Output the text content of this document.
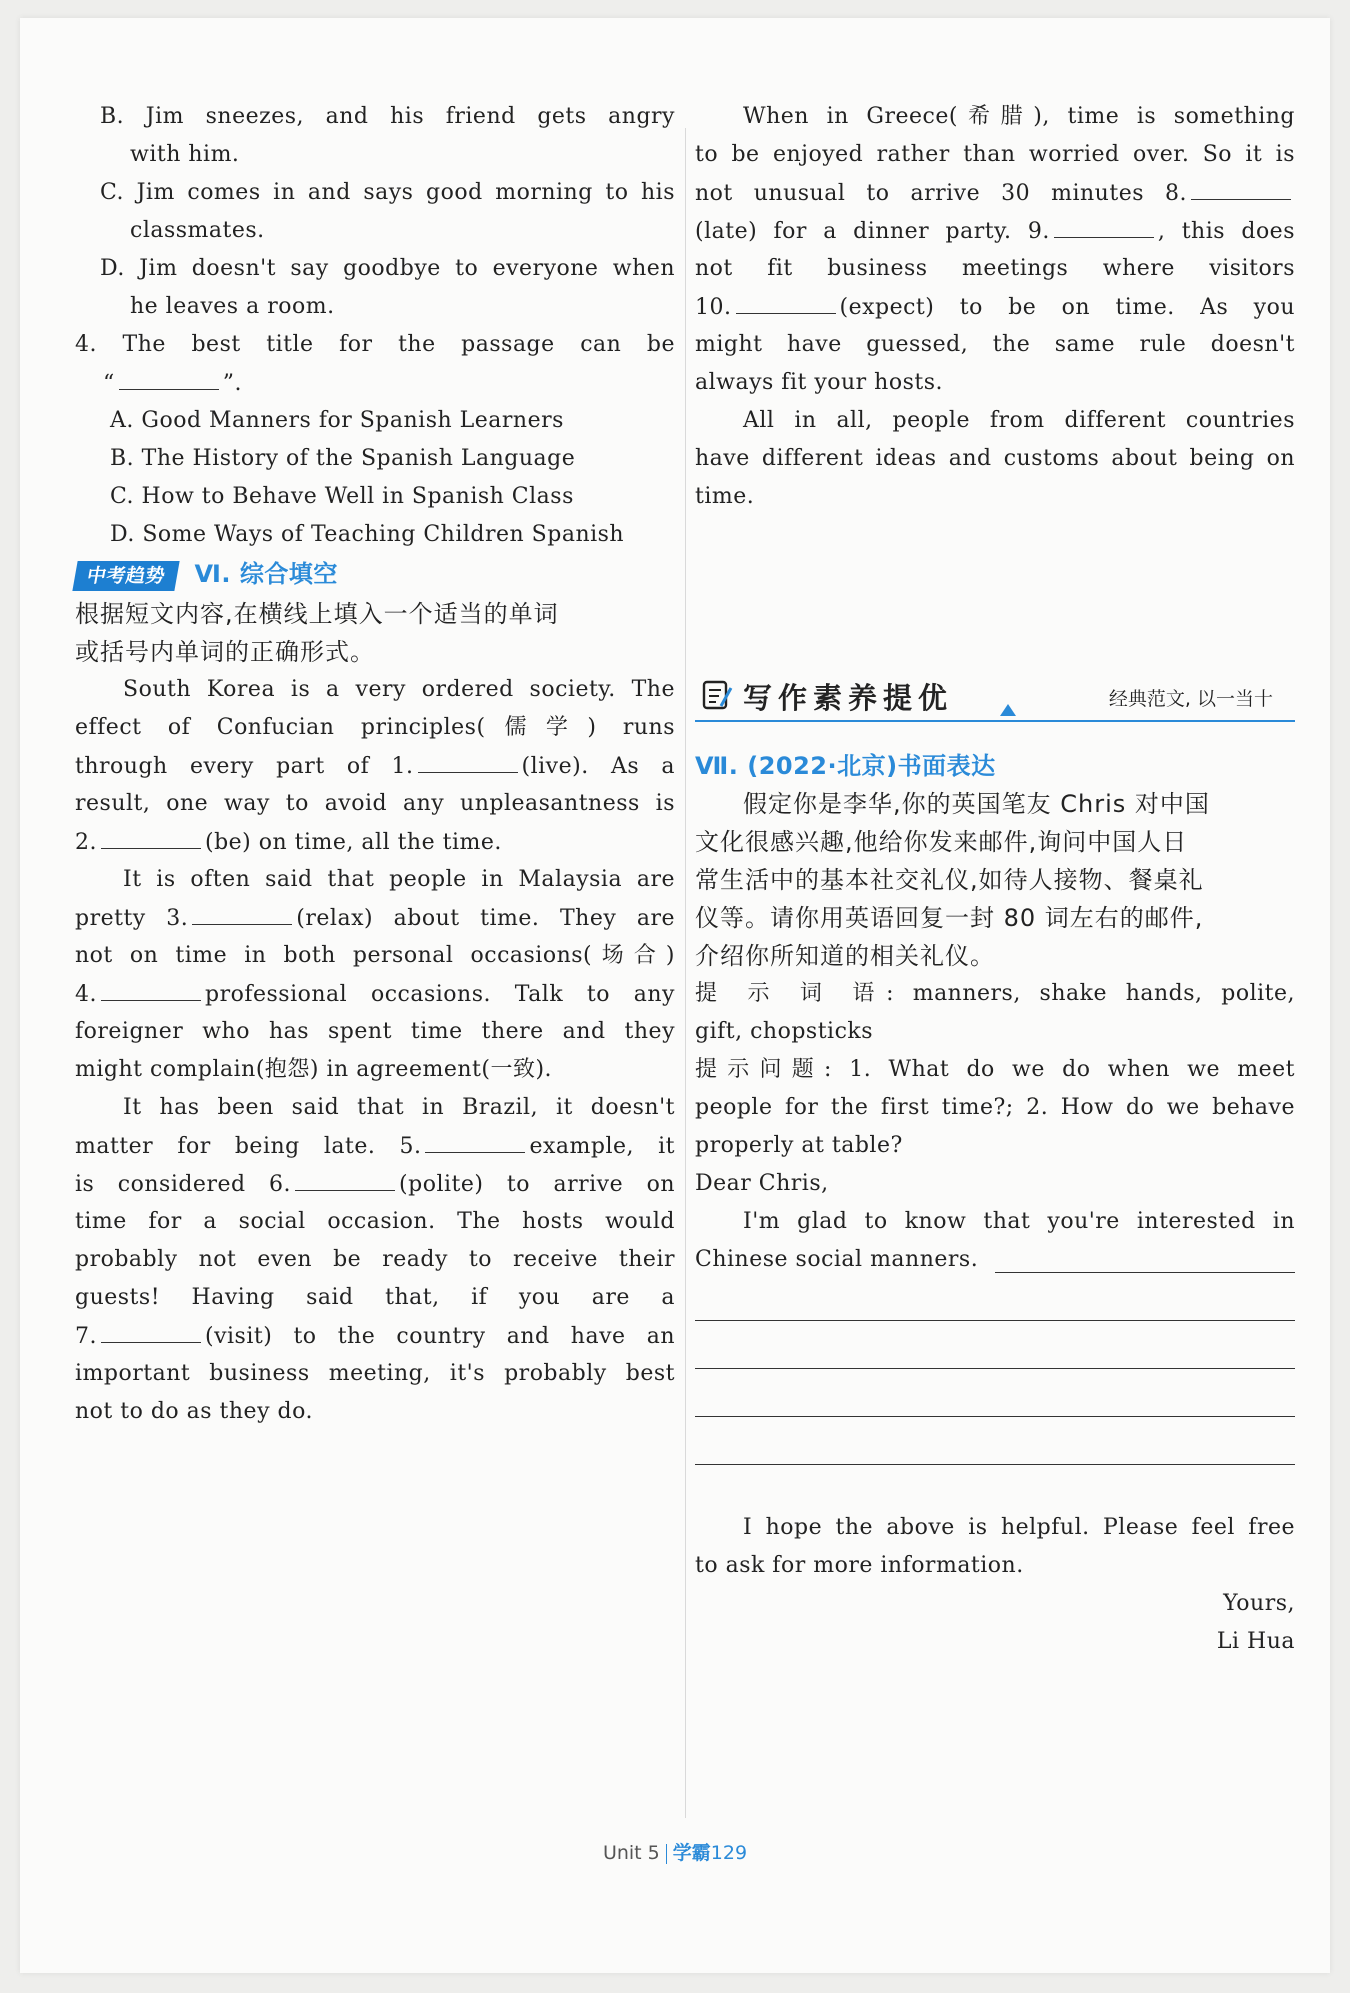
B. Jim sneezes, and his friend gets angry
with him.
C. Jim comes in and says good morning to his
classmates.
D. Jim doesn't say goodbye to everyone when
he leaves a room.
4. The best title for the passage can be
“	”.
A. Good Manners for Spanish Learners
B. The History of the Spanish Language
C. How to Behave Well in Spanish Class
D. Some Ways of Teaching Children Spanish
中考趋势 Ⅵ. 综合填空
根据短文内容,在横线上填入一个适当的单词
或括号内单词的正确形式。
South Korea is a very ordered society. The
effect of Confucian principles(儒学) runs
through every part of 1.	(live). As a
result, one way to avoid any unpleasantness is
2.	(be) on time, all the time.
It is often said that people in Malaysia are
pretty 3.	(relax) about time. They are
not on time in both personal occasions(场合)
4.	professional occasions. Talk to any
foreigner who has spent time there and they
might complain(抱怨) in agreement(一致).
It has been said that in Brazil, it doesn't
matter for being late. 5.	example, it
is considered 6.	(polite) to arrive on
time for a social occasion. The hosts would
probably not even be ready to receive their
guests! Having said that, if you are a
7.	(visit) to the country and have an
important business meeting, it's probably best
not to do as they do.
When in Greece(希腊), time is something
to be enjoyed rather than worried over. So it is
not unusual to arrive 30 minutes 8.
(late) for a dinner party. 9.	, this does
not fit business meetings where visitors
10.	(expect) to be on time. As you
might have guessed, the same rule doesn't
always fit your hosts.
All in all, people from different countries
have different ideas and customs about being on
time.
写作素养提优	经典范文, 以一当十
Ⅶ. (2022·北京)书面表达
假定你是李华,你的英国笔友 Chris 对中国
文化很感兴趣,他给你发来邮件,询问中国人日
常生活中的基本社交礼仪,如待人接物、餐桌礼
仪等。请你用英语回复一封 80 词左右的邮件,
介绍你所知道的相关礼仪。
提 示 词 语: manners, shake hands, polite,
gift, chopsticks
提示问题: 1. What do we do when we meet
people for the first time?; 2. How do we behave
properly at table?
Dear Chris,
I'm glad to know that you're interested in
Chinese social manners.
I hope the above is helpful. Please feel free
to ask for more information.
Yours,
Li Hua
Unit 5 学霸129
